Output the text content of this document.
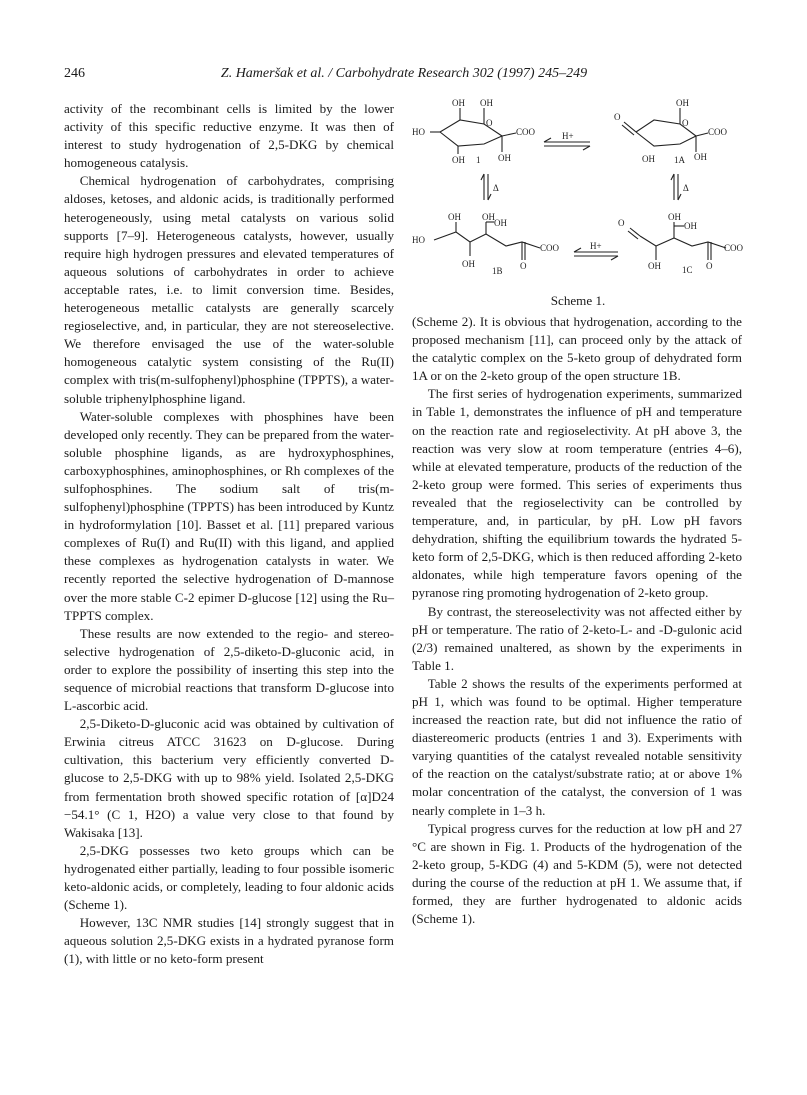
246	Z. Hameršak et al. / Carbohydrate Research 302 (1997) 245–249

activity of the recombinant cells is limited by the lower activity of this specific reductive enzyme. It was then of interest to study hydrogenation of 2,5-DKG by chemical homogeneous catalysis.

Chemical hydrogenation of carbohydrates, comprising aldoses, ketoses, and aldonic acids, is traditionally performed heterogeneously, using metal catalysts on various solid supports [7–9]. Heterogeneous catalysts, however, usually require high hydrogen pressures and elevated temperatures of aqueous solutions of carbohydrates in order to achieve acceptable rates, i.e. to limit conversion time. Besides, heterogeneous metallic catalysts are generally scarcely regioselective, and, in particular, they are not stereoselective. We therefore envisaged the use of the water-soluble homogeneous catalytic system consisting of the Ru(II) complex with tris(m-sulfophenyl)phosphine (TPPTS), a water-soluble triphenylphosphine ligand.

Water-soluble complexes with phosphines have been developed only recently. They can be prepared from the water-soluble phosphine ligands, as are hydroxyphosphines, carboxyphosphines, aminophosphines, or Rh complexes of the sulfophosphines. The sodium salt of tris(m-sulfophenyl)phosphine (TPPTS) has been introduced by Kuntz in hydroformylation [10]. Basset et al. [11] prepared various complexes of Ru(I) and Ru(II) with this ligand, and applied these complexes as hydrogenation catalysts in water. We recently reported the selective hydrogenation of D-mannose over the more stable C-2 epimer D-glucose [12] using the Ru–TPPTS complex.

These results are now extended to the regio- and stereo-selective hydrogenation of 2,5-diketo-D-gluconic acid, in order to explore the possibility of inserting this step into the sequence of microbial reactions that transform D-glucose into L-ascorbic acid.

2,5-Diketo-D-gluconic acid was obtained by cultivation of Erwinia citreus ATCC 31623 on D-glucose. During cultivation, this bacterium very efficiently converted D-glucose to 2,5-DKG with up to 98% yield. Isolated 2,5-DKG from fermentation broth showed specific rotation of [α]D24 −54.1° (C 1, H2O) a value very close to that found by Wakisaka [13].

2,5-DKG possesses two keto groups which can be hydrogenated either partially, leading to four possible isomeric keto-aldonic acids, or completely, leading to four aldonic acids (Scheme 1).

However, 13C NMR studies [14] strongly suggest that in aqueous solution 2,5-DKG exists in a hydrated pyranose form (1), with little or no keto-form present

OH OH
O
HO	COO
OH	OH
1
H+
O
OH
O
COO
OH	OH
1A
Δ	Δ
OH OH
OH
HO
COO
OH	O
1B
H+
O
OH
OH
COO
OH	O
1C
Scheme 1.

(Scheme 2). It is obvious that hydrogenation, according to the proposed mechanism [11], can proceed only by the attack of the catalytic complex on the 5-keto group of dehydrated form 1A or on the 2-keto group of the open structure 1B.

The first series of hydrogenation experiments, summarized in Table 1, demonstrates the influence of pH and temperature on the reaction rate and regioselectivity. At pH above 3, the reaction was very slow at room temperature (entries 4–6), while at elevated temperature, products of the reduction of the 2-keto group were formed. This series of experiments thus revealed that the regioselectivity can be controlled by temperature, and, in particular, by pH. Low pH favors dehydration, shifting the equilibrium towards the hydrated 5-keto form of 2,5-DKG, which is then reduced affording 2-keto aldonates, while high temperature favors opening of the pyranose ring promoting hydrogenation of 2-keto group.

By contrast, the stereoselectivity was not affected either by pH or temperature. The ratio of 2-keto-L- and -D-gulonic acid (2/3) remained unaltered, as shown by the experiments in Table 1.

Table 2 shows the results of the experiments performed at pH 1, which was found to be optimal. Higher temperature increased the reaction rate, but did not influence the ratio of diastereomeric products (entries 1 and 3). Experiments with varying quantities of the catalyst revealed notable sensitivity of the reaction on the catalyst/substrate ratio; at or above 1% molar concentration of the catalyst, the conversion of 1 was nearly complete in 1–3 h.

Typical progress curves for the reduction at low pH and 27 °C are shown in Fig. 1. Products of the hydrogenation of the 2-keto group, 5-KDG (4) and 5-KDM (5), were not detected during the course of the reduction at pH 1. We assume that, if formed, they are further hydrogenated to aldonic acids (Scheme 1).
